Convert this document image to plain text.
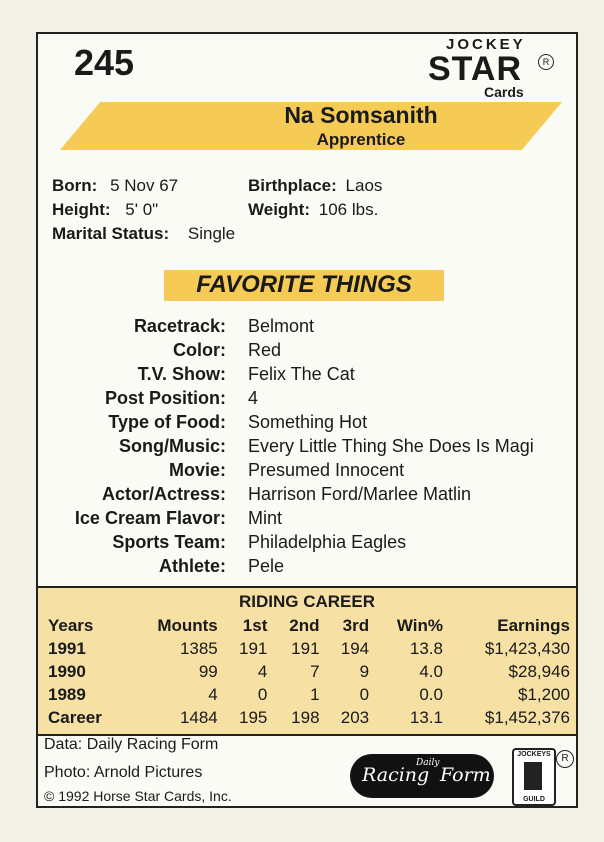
245	JOCKEY
STAR
Cards
R
Na Somsanith
Apprentice
Born: 5 Nov 67	Birthplace: Laos
Height: 5' 0"	Weight: 106 lbs.
Marital Status: Single
FAVORITE THINGS
Racetrack: Belmont
Color: Red
T.V. Show: Felix The Cat
Post Position: 4
Type of Food: Something Hot
Song/Music: Every Little Thing She Does Is Magi
Movie: Presumed Innocent
Actor/Actress: Harrison Ford/Marlee Matlin
Ice Cream Flavor: Mint
Sports Team: Philadelphia Eagles
Athlete: Pele
RIDING CAREER
Years	Mounts	1st	2nd	3rd	Win%	Earnings
1991	1385	191	191	194	13.8	$1,423,430
1990	99	4	7	9	4.0	$28,946
1989	4	0	1	0	0.0	$1,200
Career	1484	195	198	203	13.1	$1,452,376
Data: Daily Racing Form
Photo: Arnold Pictures
© 1992 Horse Star Cards, Inc.
Racing
Daily
Form
JOCKEYS
GUILD
R
